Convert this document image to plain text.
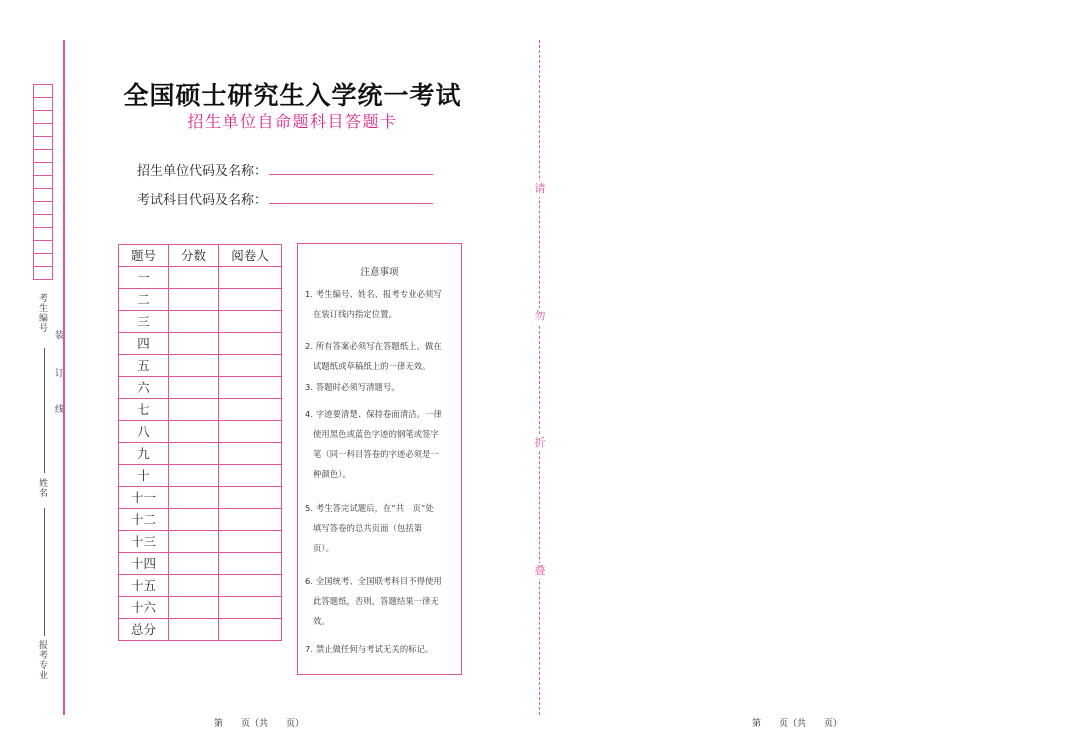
考生编号
姓名
报考专业
装
订
线
全国硕士研究生入学统一考试
招生单位自命题科目答题卡
招生单位代码及名称：
考试科目代码及名称：
题号	分数	阅卷人
一		
二		
三		
四		
五		
六		
七		
八		
九		
十		
十一		
十二		
十三		
十四		
十五		
十六		
总分		
注意事项
1. 考生编号、姓名、报考专业必须写
在装订线内指定位置。
2. 所有答案必须写在答题纸上，做在
试题纸或草稿纸上的一律无效。
3. 答题时必须写清题号。
4. 字迹要清楚、保持卷面清洁。一律
使用黑色或蓝色字迹的钢笔或签字
笔（同一科目答卷的字迹必须是一
种颜色）。
5. 考生答完试题后，在“共　页”处
填写答卷的总共页面（包括第
页）。
6. 全国统考、全国联考科目不得使用
此答题纸，否则，答题结果一律无
效。
7. 禁止做任何与考试无关的标记。
请
勿
折
叠
第　　页（共　　页）	第　　页（共　　页）
